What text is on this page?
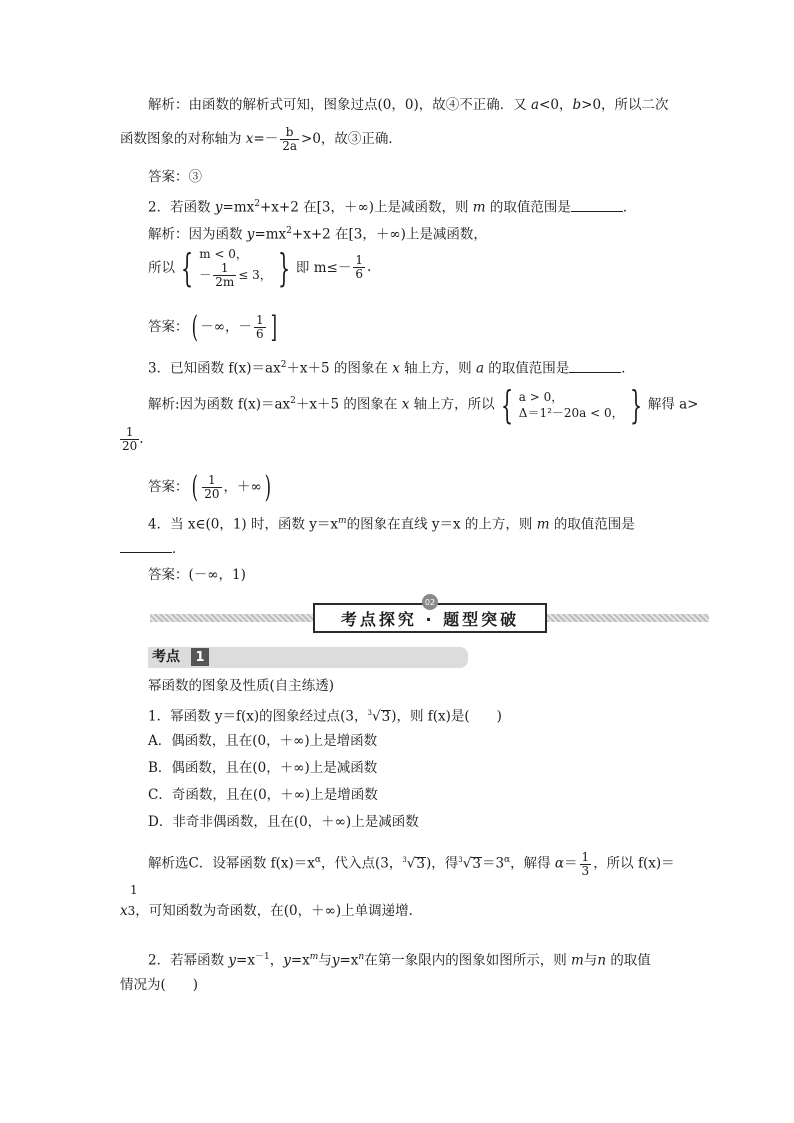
解析：由函数的解析式可知，图象过点(0，0)，故④不正确．又 a<0，b>0，所以二次
函数图象的对称轴为 $x=- \frac{b}{2a} >0$，故③正确．
答案：③
2．若函数 $y=mx^2+x+2$ 在[3，＋∞)上是减函数，则 m 的取值范围是	．
解析：因为函数 $y=mx^2+x+2$ 在[3，＋∞)上是减函数，
所以 { m < 0，
－ $\frac{1}{2m} \le 3$， } 即 $m\le- \frac{1}{6}$ .
答案：( －∞，－ $\frac{1}{6}$ ]
3．已知函数 $f(x)=ax^2+x+5$ 的图象在 x 轴上方，则 a 的取值范围是	．
解析:因为函数 $f(x)=ax^2+x+5$ 的图象在 x 轴上方，所以 { a > 0，
Δ＝1²－20a < 0， } 解得 a>
$\frac{1}{20}$ .
答案：( $\frac{1}{20}$ ，＋∞)
4．当 x∈(0，1) 时，函数 $y=x^m$的图象在直线 y＝x 的上方，则 m 的取值范围是
．
答案：(－∞，1)
考点探究 · 题型突破
02
考点	1
幂函数的图象及性质(自主练透)
1．幂函数 y＝f(x)的图象经过点(3，$^3$√3)，则 f(x)是(　　)
A．偶函数，且在(0，＋∞)上是增函数
B．偶函数，且在(0，＋∞)上是减函数
C．奇函数，且在(0，＋∞)上是增函数
D．非奇非偶函数，且在(0，＋∞)上是减函数
解析选C．设幂函数 $f(x)=x^\alpha$，代入点(3，$^3$√3)，得$^3√3=3^\alpha$，解得 $\alpha= \frac{1}{3}$ ，所以 f(x)＝
1
x3，可知函数为奇函数，在(0，＋∞)上单调递增．
2．若幂函数 $y=x^{-1}$，$y=x^m$与$y=x^n$在第一象限内的图象如图所示，则 m与n 的取值
情况为(　　)
